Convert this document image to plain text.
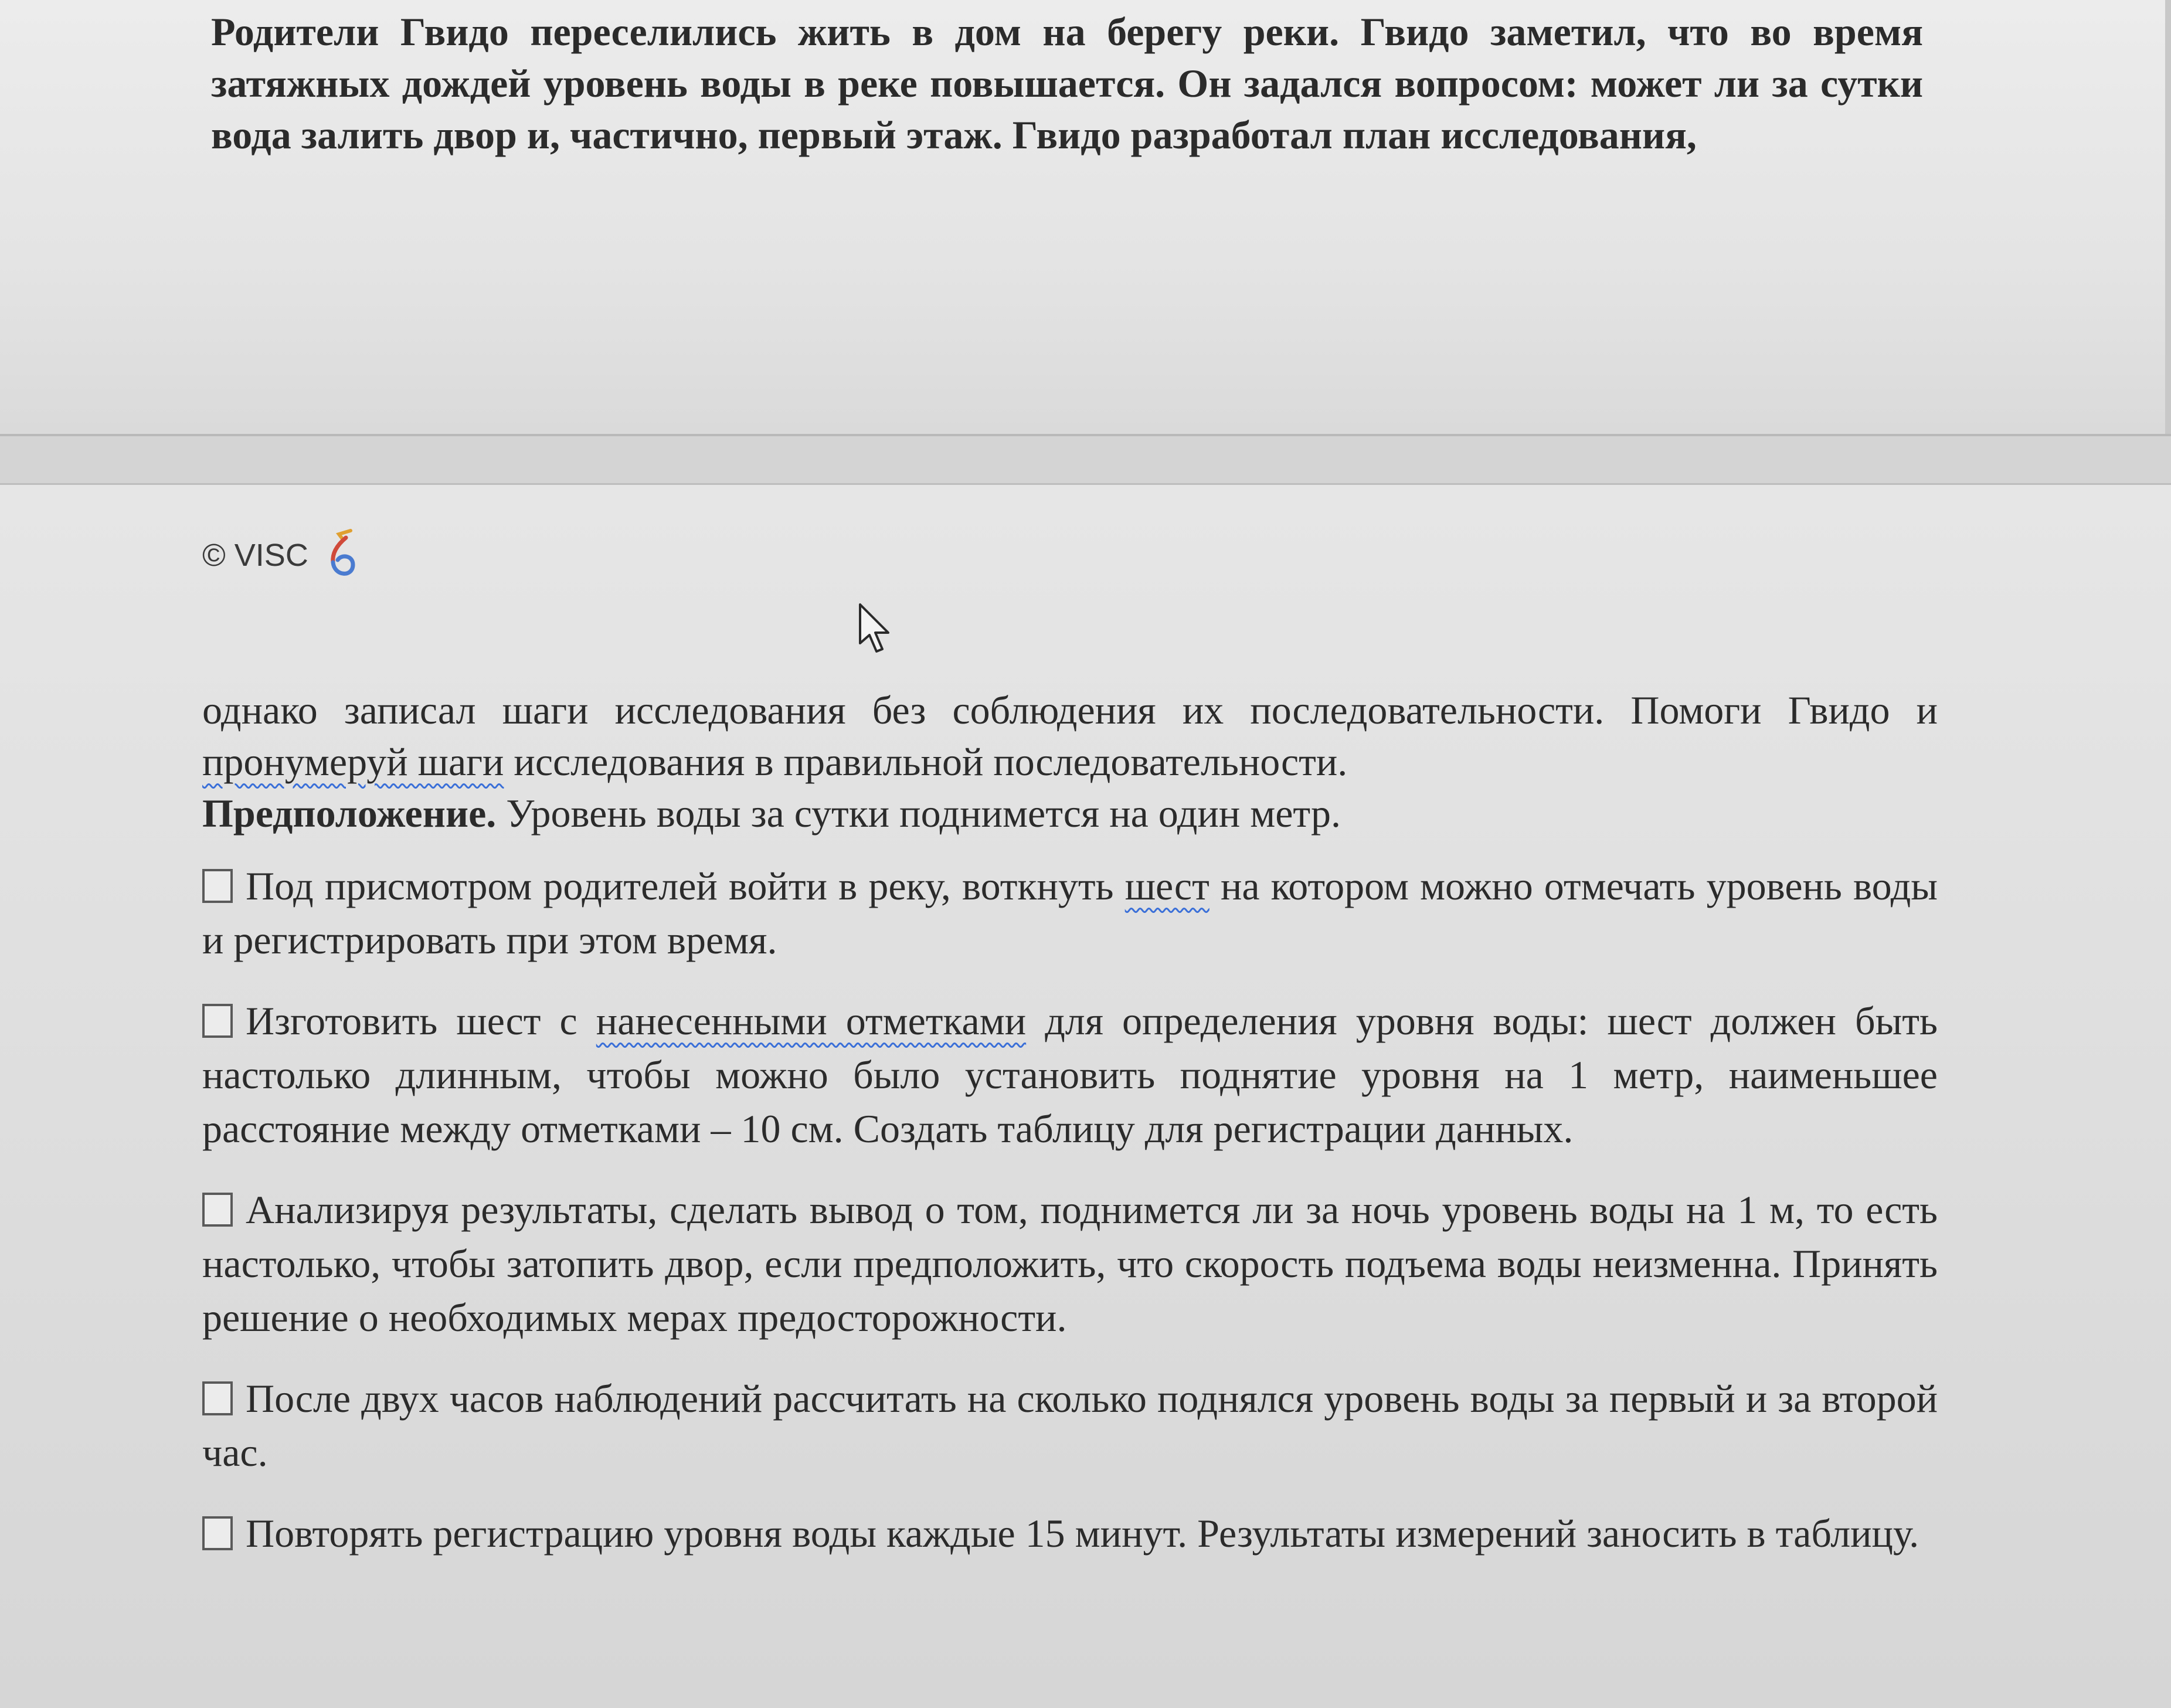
Родители Гвидо переселились жить в дом на берегу реки. Гвидо заметил, что во время затяжных дождей уровень воды в реке повышается. Он задался вопросом: может ли за сутки вода залить двор и, частично, первый этаж. Гвидо разработал план исследования,
© VISC

однако записал шаги исследования без соблюдения их последовательности. Помоги Гвидо и пронумеруй шаги исследования в правильной последовательности.
Предположение. Уровень воды за сутки поднимется на один метр.

Под присмотром родителей войти в реку, воткнуть шест на котором можно отмечать уровень воды и регистрировать при этом время.
Изготовить шест с нанесенными отметками для определения уровня воды: шест должен быть настолько длинным, чтобы можно было установить поднятие уровня на 1 метр, наименьшее расстояние между отметками – 10 см. Создать таблицу для регистрации данных.
Анализируя результаты, сделать вывод о том, поднимется ли за ночь уровень воды на 1 м, то есть настолько, чтобы затопить двор, если предположить, что скорость подъема воды неизменна. Принять решение о необходимых мерах предосторожности.
После двух часов наблюдений рассчитать на сколько поднялся уровень воды за первый и за второй час.
Повторять регистрацию уровня воды каждые 15 минут. Результаты измерений заносить в таблицу.
